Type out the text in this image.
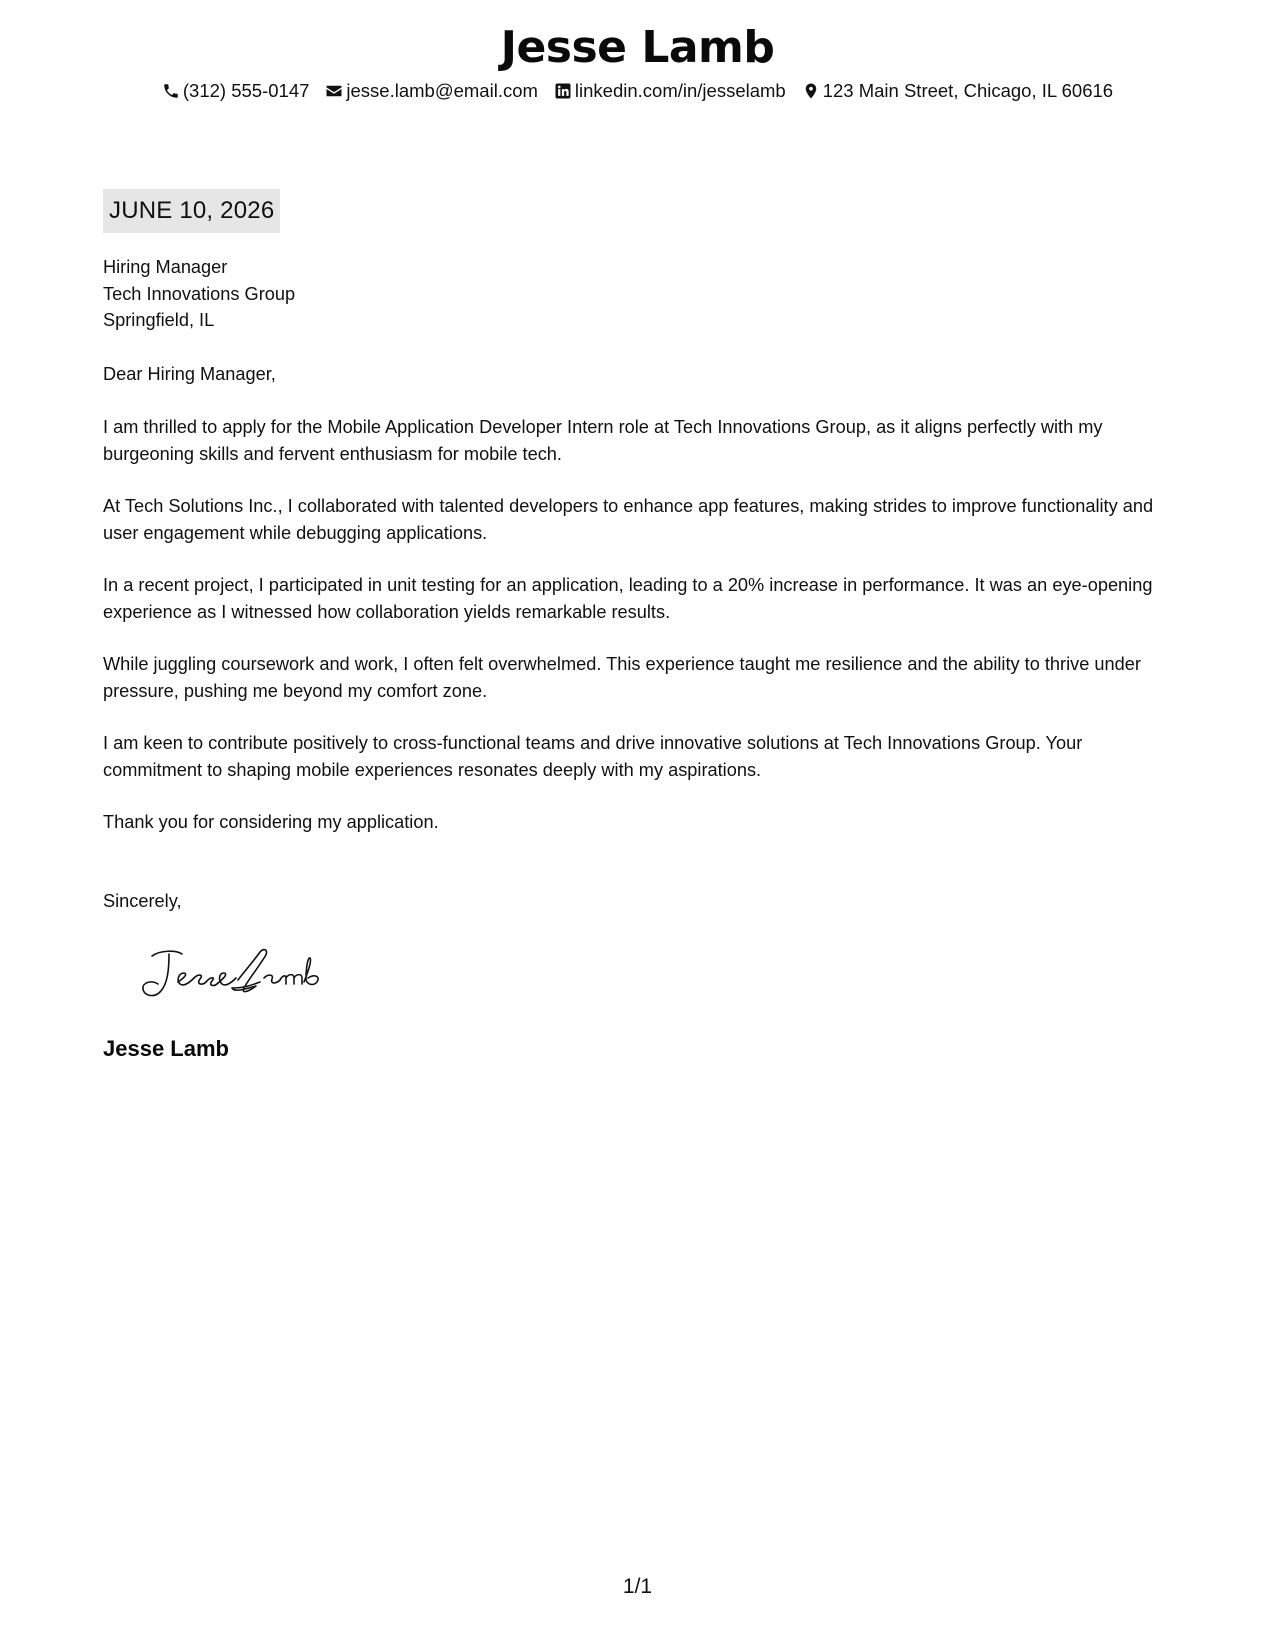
Jesse Lamb
(312) 555-0147 jesse.lamb@email.com linkedin.com/in/jesselamb 123 Main Street, Chicago, IL 60616
JUNE 10, 2026
Hiring Manager
Tech Innovations Group
Springfield, IL
Dear Hiring Manager,
I am thrilled to apply for the Mobile Application Developer Intern role at Tech Innovations Group, as it aligns perfectly with my burgeoning skills and fervent enthusiasm for mobile tech.
At Tech Solutions Inc., I collaborated with talented developers to enhance app features, making strides to improve functionality and user engagement while debugging applications.
In a recent project, I participated in unit testing for an application, leading to a 20% increase in performance. It was an eye-opening experience as I witnessed how collaboration yields remarkable results.
While juggling coursework and work, I often felt overwhelmed. This experience taught me resilience and the ability to thrive under pressure, pushing me beyond my comfort zone.
I am keen to contribute positively to cross-functional teams and drive innovative solutions at Tech Innovations Group. Your commitment to shaping mobile experiences resonates deeply with my aspirations.
Thank you for considering my application.
Sincerely,
Jesse Lamb
1/1
